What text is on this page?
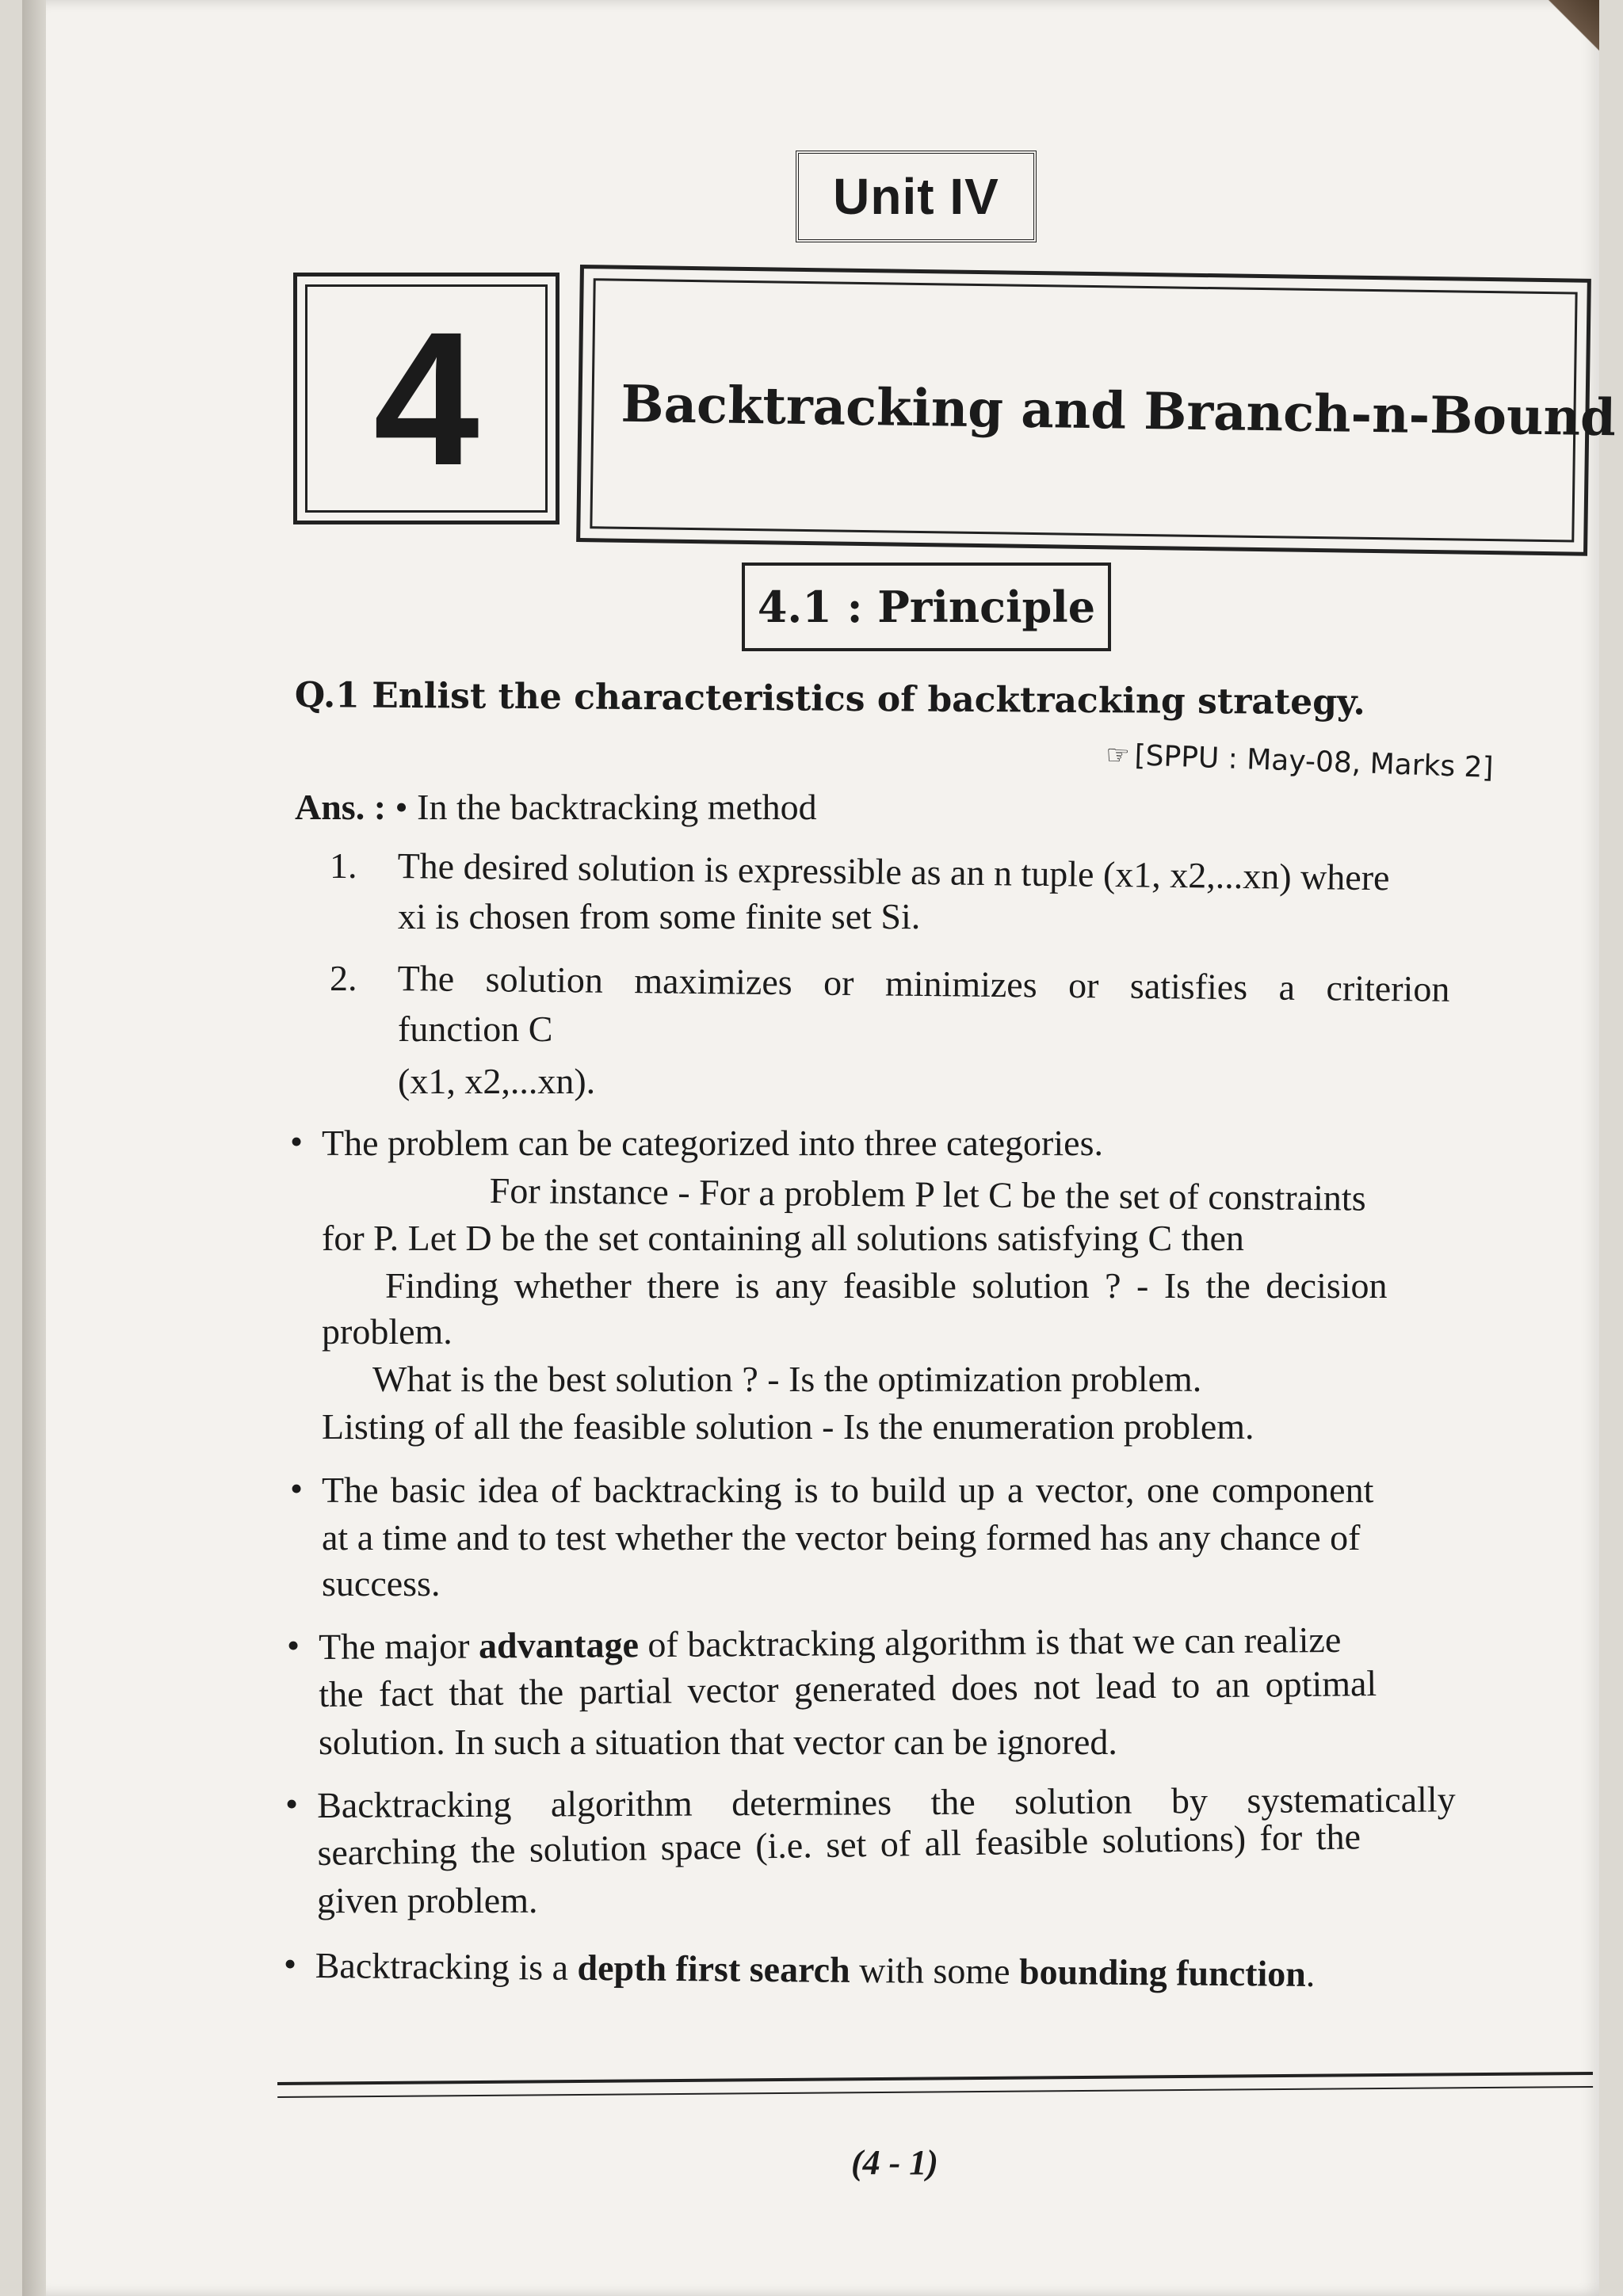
Unit IV
4	Backtracking and Branch-n-Bound
4.1 : Principle
Q.1 Enlist the characteristics of backtracking strategy.
☞ [SPPU : May-08, Marks 2]
Ans. : • In the backtracking method
1. The desired solution is expressible as an n tuple (x1, x2,...xn) where
xi is chosen from some finite set Si.
2. The solution maximizes or minimizes or satisfies a criterion
function C
(x1, x2,...xn).
• The problem can be categorized into three categories.
For instance - For a problem P let C be the set of constraints
for P. Let D be the set containing all solutions satisfying C then
Finding whether there is any feasible solution ? - Is the decision
problem.
What is the best solution ? - Is the optimization problem.
Listing of all the feasible solution - Is the enumeration problem.
• The basic idea of backtracking is to build up a vector, one component
at a time and to test whether the vector being formed has any chance of
success.
• The major advantage of backtracking algorithm is that we can realize
the fact that the partial vector generated does not lead to an optimal
solution. In such a situation that vector can be ignored.
• Backtracking algorithm determines the solution by systematically
searching the solution space (i.e. set of all feasible solutions) for the
given problem.
• Backtracking is a depth first search with some bounding function.
(4 - 1)
